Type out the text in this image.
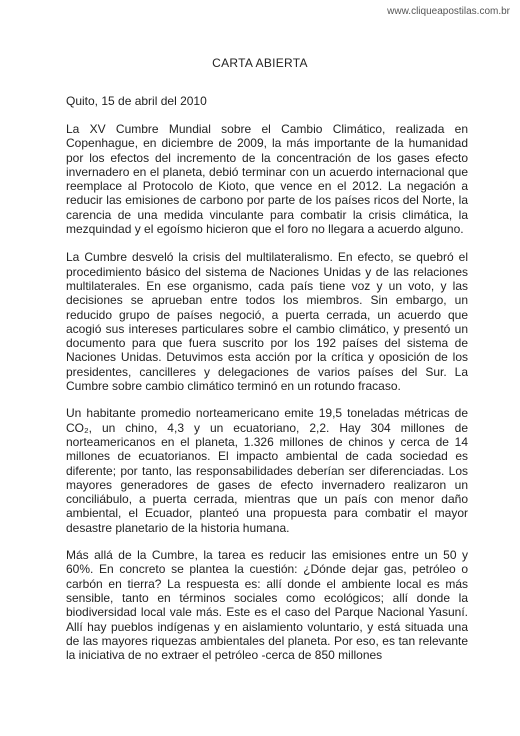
www.cliqueapostilas.com.br
CARTA ABIERTA
Quito, 15 de abril del 2010

La XV Cumbre Mundial sobre el Cambio Climático, realizada en Copenhague, en diciembre de 2009, la más importante de la humanidad por los efectos del incremento de la concentración de los gases efecto invernadero en el planeta, debió terminar con un acuerdo internacional que reemplace al Protocolo de Kioto, que vence en el 2012. La negación a reducir las emisiones de carbono por parte de los países ricos del Norte, la carencia de una medida vinculante para combatir la crisis climática, la mezquindad y el egoísmo hicieron que el foro no llegara a acuerdo alguno.

La Cumbre desveló la crisis del multilateralismo. En efecto, se quebró el procedimiento básico del sistema de Naciones Unidas y de las relaciones multilaterales. En ese organismo, cada país tiene voz y un voto, y las decisiones se aprueban entre todos los miembros. Sin embargo, un reducido grupo de países negoció, a puerta cerrada, un acuerdo que acogió sus intereses particulares sobre el cambio climático, y presentó un documento para que fuera suscrito por los 192 países del sistema de Naciones Unidas. Detuvimos esta acción por la crítica y oposición de los presidentes, cancilleres y delegaciones de varios países del Sur. La Cumbre sobre cambio climático terminó en un rotundo fracaso.

Un habitante promedio norteamericano emite 19,5 toneladas métricas de CO₂, un chino, 4,3 y un ecuatoriano, 2,2. Hay 304 millones de norteamericanos en el planeta, 1.326 millones de chinos y cerca de 14 millones de ecuatorianos. El impacto ambiental de cada sociedad es diferente; por tanto, las responsabilidades deberían ser diferenciadas. Los mayores generadores de gases de efecto invernadero realizaron un conciliábulo, a puerta cerrada, mientras que un país con menor daño ambiental, el Ecuador, planteó una propuesta para combatir el mayor desastre planetario de la historia humana.

Más allá de la Cumbre, la tarea es reducir las emisiones entre un 50 y 60%. En concreto se plantea la cuestión: ¿Dónde dejar gas, petróleo o carbón en tierra? La respuesta es: allí donde el ambiente local es más sensible, tanto en términos sociales como ecológicos; allí donde la biodiversidad local vale más. Este es el caso del Parque Nacional Yasuní. Allí hay pueblos indígenas y en aislamiento voluntario, y está situada una de las mayores riquezas ambientales del planeta. Por eso, es tan relevante la iniciativa de no extraer el petróleo -cerca de 850 millones
